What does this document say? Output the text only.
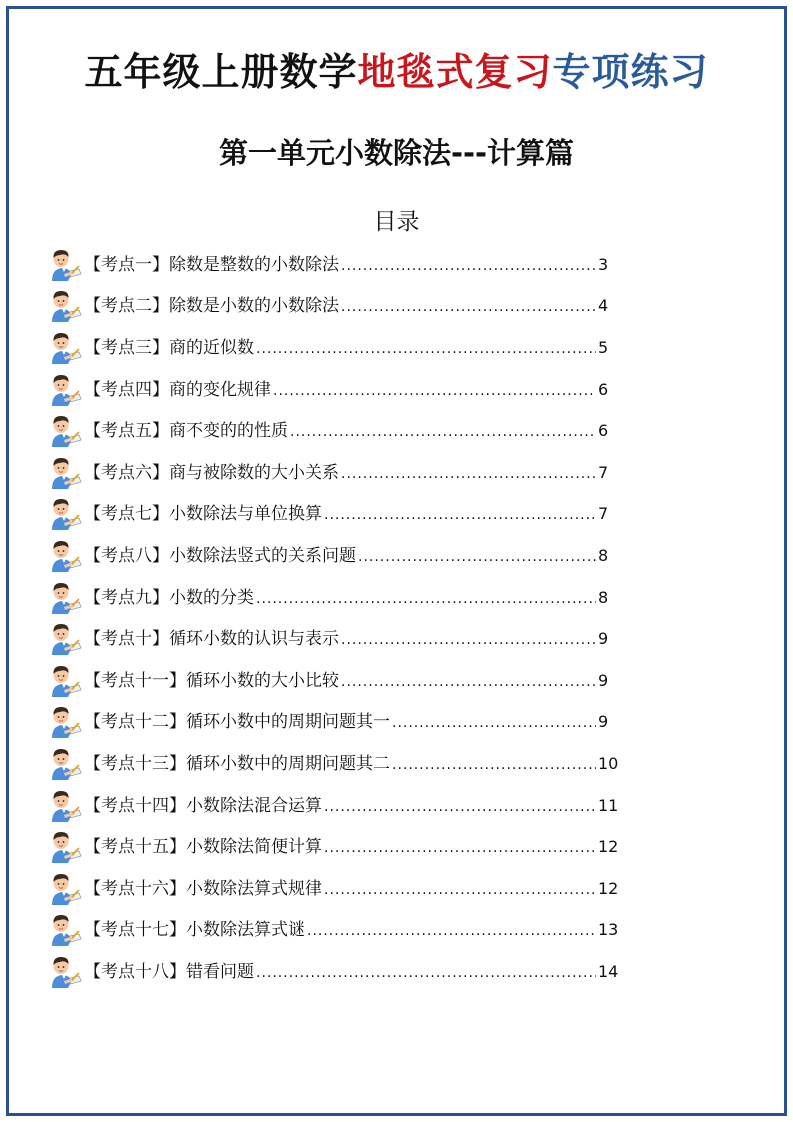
五年级上册数学地毯式复习专项练习
第一单元小数除法---计算篇
目录
【考点一】除数是整数的小数除法 .....	3
【考点二】除数是小数的小数除法 .....	4
【考点三】商的近似数 .....	5
【考点四】商的变化规律 .....	6
【考点五】商不变的的性质 .....	6
【考点六】商与被除数的大小关系 .....	7
【考点七】小数除法与单位换算 .....	7
【考点八】小数除法竖式的关系问题 .....	8
【考点九】小数的分类 .....	8
【考点十】循环小数的认识与表示 .....	9
【考点十一】循环小数的大小比较 .....	9
【考点十二】循环小数中的周期问题其一 .....	9
【考点十三】循环小数中的周期问题其二 .....	10
【考点十四】小数除法混合运算 .....	11
【考点十五】小数除法简便计算 .....	12
【考点十六】小数除法算式规律 .....	12
【考点十七】小数除法算式谜 .....	13
【考点十八】错看问题 .....	14
